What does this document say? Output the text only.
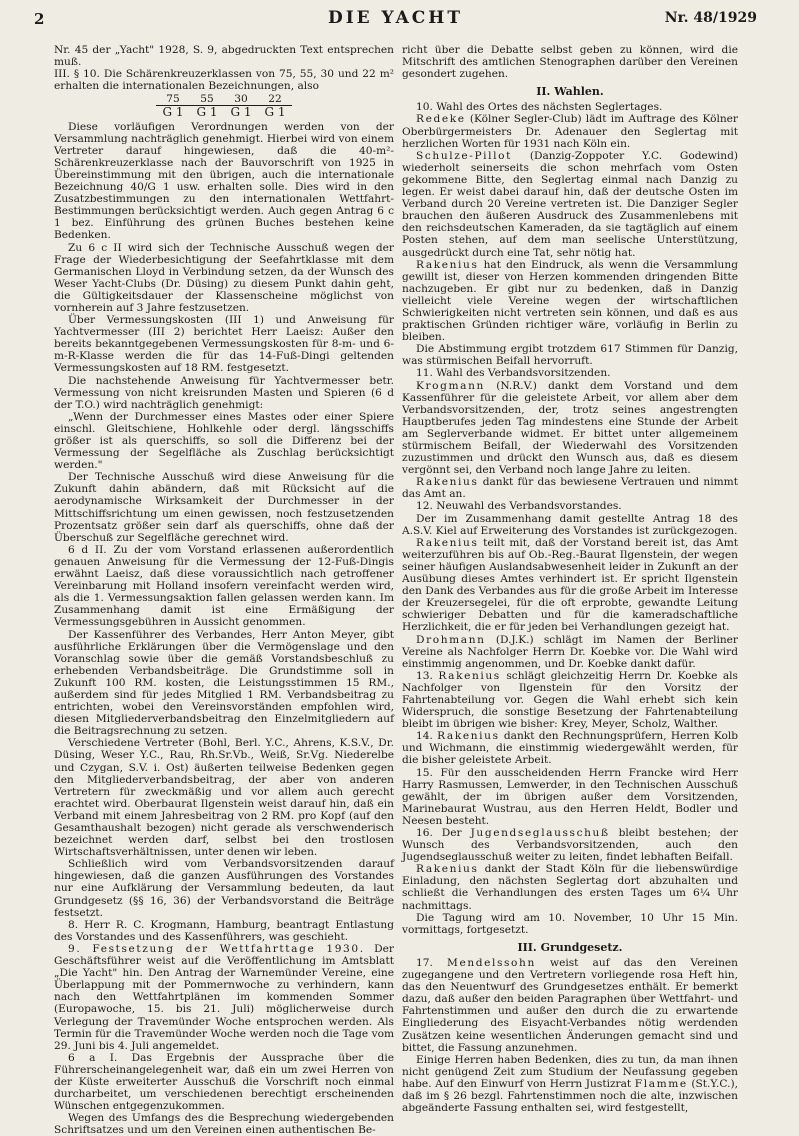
2	DIE YACHT	Nr. 48/1929

Nr. 45 der „Yacht" 1928, S. 9, abgedruckten Text entsprechen muß.

III. § 10. Die Schärenkreuzerklassen von 75, 55, 30 und 22 m² erhalten die internationalen Bezeichnungen, also

75
G 1
55
G 1
30
G 1
22
G 1

Diese vorläufigen Verordnungen werden von der Versammlung nachträglich genehmigt. Hierbei wird von einem Vertreter darauf hingewiesen, daß die 40-m²-Schärenkreuzerklasse nach der Bauvorschrift von 1925 in Übereinstimmung mit den übrigen, auch die internationale Bezeichnung 40/G 1 usw. erhalten solle. Dies wird in den Zusatzbestimmungen zu den internationalen Wettfahrt-Bestimmungen berücksichtigt werden. Auch gegen Antrag 6 c 1 bez. Einführung des grünen Buches bestehen keine Bedenken.

Zu 6 c II wird sich der Technische Ausschuß wegen der Frage der Wiederbesichtigung der Seefahrtklasse mit dem Germanischen Lloyd in Verbindung setzen, da der Wunsch des Weser Yacht-Clubs (Dr. Düsing) zu diesem Punkt dahin geht, die Gültigkeitsdauer der Klassenscheine möglichst von vornherein auf 3 Jahre festzusetzen.

Über Vermessungskosten (III 1) und Anweisung für Yachtvermesser (III 2) berichtet Herr Laeisz: Außer den bereits bekanntgegebenen Vermessungskosten für 8-m- und 6-m-R-Klasse werden die für das 14-Fuß-Dingi geltenden Vermessungskosten auf 18 RM. festgesetzt.

Die nachstehende Anweisung für Yachtvermesser betr. Vermessung von nicht kreisrunden Masten und Spieren (6 d der T.O.) wird nachträglich genehmigt:

„Wenn der Durchmesser eines Mastes oder einer Spiere einschl. Gleitschiene, Hohlkehle oder dergl. längsschiffs größer ist als querschiffs, so soll die Differenz bei der Vermessung der Segelfläche als Zuschlag berücksichtigt werden."

Der Technische Ausschuß wird diese Anweisung für die Zukunft dahin abändern, daß mit Rücksicht auf die aerodynamische Wirksamkeit der Durchmesser in der Mittschiffsrichtung um einen gewissen, noch festzusetzenden Prozentsatz größer sein darf als querschiffs, ohne daß der Überschuß zur Segelfläche gerechnet wird.

6 d II. Zu der vom Vorstand erlassenen außerordentlich genauen Anweisung für die Vermessung der 12-Fuß-Dingis erwähnt Laeisz, daß diese voraussichtlich nach getroffener Vereinbarung mit Holland insofern vereinfacht werden wird, als die 1. Vermessungsaktion fallen gelassen werden kann. Im Zusammenhang damit ist eine Ermäßigung der Vermessungsgebühren in Aussicht genommen.

Der Kassenführer des Verbandes, Herr Anton Meyer, gibt ausführliche Erklärungen über die Vermögenslage und den Voranschlag sowie über die gemäß Vorstandsbeschluß zu erhebenden Verbandsbeiträge. Die Grundstimme soll in Zukunft 100 RM. kosten, die Leistungsstimmen 15 RM., außerdem sind für jedes Mitglied 1 RM. Verbandsbeitrag zu entrichten, wobei den Vereinsvorständen empfohlen wird, diesen Mitgliederverbandsbeitrag den Einzelmitgliedern auf die Beitragsrechnung zu setzen.

Verschiedene Vertreter (Bohl, Berl. Y.C., Ahrens, K.S.V., Dr. Düsing, Weser Y.C., Rau, Rh.Sr.Vb., Weiß, Sr.Vg. Niederelbe und Czygan, S.V. i. Ost) äußerten teilweise Bedenken gegen den Mitgliederverbandsbeitrag, der aber von anderen Vertretern für zweckmäßig und vor allem auch gerecht erachtet wird. Oberbaurat Ilgenstein weist darauf hin, daß ein Verband mit einem Jahresbeitrag von 2 RM. pro Kopf (auf den Gesamthaushalt bezogen) nicht gerade als verschwenderisch bezeichnet werden darf, selbst bei den trostlosen Wirtschaftsverhältnissen, unter denen wir leben.

Schließlich wird vom Verbandsvorsitzenden darauf hingewiesen, daß die ganzen Ausführungen des Vorstandes nur eine Aufklärung der Versammlung bedeuten, da laut Grundgesetz (§§ 16, 36) der Verbandsvorstand die Beiträge festsetzt.

8. Herr R. C. Krogmann, Hamburg, beantragt Entlastung des Vorstandes und des Kassenführers, was geschieht.

9. Festsetzung der Wettfahrttage 1930. Der Geschäftsführer weist auf die Veröffentlichung im Amtsblatt „Die Yacht" hin. Den Antrag der Warnemünder Vereine, eine Überlappung mit der Pommernwoche zu verhindern, kann nach den Wettfahrtplänen im kommenden Sommer (Europawoche, 15. bis 21. Juli) möglicherweise durch Verlegung der Travemünder Woche entsprochen werden. Als Termin für die Travemünder Woche werden noch die Tage vom 29. Juni bis 4. Juli angemeldet.

6 a I. Das Ergebnis der Aussprache über die Führerscheinangelegenheit war, daß ein um zwei Herren von der Küste erweiterter Ausschuß die Vorschrift noch einmal durcharbeitet, um verschiedenen berechtigt erscheinenden Wünschen entgegenzukommen.

Wegen des Umfangs des die Besprechung wiedergebenden Schriftsatzes und um den Vereinen einen authentischen Be-

richt über die Debatte selbst geben zu können, wird die Mitschrift des amtlichen Stenographen darüber den Vereinen gesondert zugehen.

II. Wahlen.

10. Wahl des Ortes des nächsten Seglertages.

Redeke (Kölner Segler-Club) lädt im Auftrage des Kölner Oberbürgermeisters Dr. Adenauer den Seglertag mit herzlichen Worten für 1931 nach Köln ein.

Schulze-Pillot (Danzig-Zoppoter Y.C. Godewind) wiederholt seinerseits die schon mehrfach vom Osten gekommene Bitte, den Seglertag einmal nach Danzig zu legen. Er weist dabei darauf hin, daß der deutsche Osten im Verband durch 20 Vereine vertreten ist. Die Danziger Segler brauchen den äußeren Ausdruck des Zusammenlebens mit den reichsdeutschen Kameraden, da sie tagtäglich auf einem Posten stehen, auf dem man seelische Unterstützung, ausgedrückt durch eine Tat, sehr nötig hat.

Rakenius hat den Eindruck, als wenn die Versammlung gewillt ist, dieser von Herzen kommenden dringenden Bitte nachzugeben. Er gibt nur zu bedenken, daß in Danzig vielleicht viele Vereine wegen der wirtschaftlichen Schwierigkeiten nicht vertreten sein können, und daß es aus praktischen Gründen richtiger wäre, vorläufig in Berlin zu bleiben.

Die Abstimmung ergibt trotzdem 617 Stimmen für Danzig, was stürmischen Beifall hervorruft.

11. Wahl des Verbandsvorsitzenden.

Krogmann (N.R.V.) dankt dem Vorstand und dem Kassenführer für die geleistete Arbeit, vor allem aber dem Verbandsvorsitzenden, der, trotz seines angestrengten Hauptberufes jeden Tag mindestens eine Stunde der Arbeit am Seglerverbande widmet. Er bittet unter allgemeinem stürmischem Beifall, der Wiederwahl des Vorsitzenden zuzustimmen und drückt den Wunsch aus, daß es diesem vergönnt sei, den Verband noch lange Jahre zu leiten.

Rakenius dankt für das bewiesene Vertrauen und nimmt das Amt an.

12. Neuwahl des Verbandsvorstandes.

Der im Zusammenhang damit gestellte Antrag 18 des A.S.V. Kiel auf Erweiterung des Vorstandes ist zurückgezogen.

Rakenius teilt mit, daß der Vorstand bereit ist, das Amt weiterzuführen bis auf Ob.-Reg.-Baurat Ilgenstein, der wegen seiner häufigen Auslandsabwesenheit leider in Zukunft an der Ausübung dieses Amtes verhindert ist. Er spricht Ilgenstein den Dank des Verbandes aus für die große Arbeit im Interesse der Kreuzersegelei, für die oft erprobte, gewandte Leitung schwieriger Debatten und für die kameradschaftliche Herzlichkeit, die er für jeden bei Verhandlungen gezeigt hat.

Drohmann (D.J.K.) schlägt im Namen der Berliner Vereine als Nachfolger Herrn Dr. Koebke vor. Die Wahl wird einstimmig angenommen, und Dr. Koebke dankt dafür.

13. Rakenius schlägt gleichzeitig Herrn Dr. Koebke als Nachfolger von Ilgenstein für den Vorsitz der Fahrtenabteilung vor. Gegen die Wahl erhebt sich kein Widerspruch, die sonstige Besetzung der Fahrtenabteilung bleibt im übrigen wie bisher: Krey, Meyer, Scholz, Walther.

14. Rakenius dankt den Rechnungsprüfern, Herren Kolb und Wichmann, die einstimmig wiedergewählt werden, für die bisher geleistete Arbeit.

15. Für den ausscheidenden Herrn Francke wird Herr Harry Rasmussen, Lemwerder, in den Technischen Ausschuß gewählt, der im übrigen außer dem Vorsitzenden, Marinebaurat Wustrau, aus den Herren Heldt, Bodler und Neesen besteht.

16. Der Jugendseglausschuß bleibt bestehen; der Wunsch des Verbandsvorsitzenden, auch den Jugendseglausschuß weiter zu leiten, findet lebhaften Beifall.

Rakenius dankt der Stadt Köln für die liebenswürdige Einladung, den nächsten Seglertag dort abzuhalten und schließt die Verhandlungen des ersten Tages um 6¼ Uhr nachmittags.

Die Tagung wird am 10. November, 10 Uhr 15 Min. vormittags, fortgesetzt.

III. Grundgesetz.

17. Mendelssohn weist auf das den Vereinen zugegangene und den Vertretern vorliegende rosa Heft hin, das den Neuentwurf des Grundgesetzes enthält. Er bemerkt dazu, daß außer den beiden Paragraphen über Wettfahrt- und Fahrtenstimmen und außer den durch die zu erwartende Eingliederung des Eisyacht-Verbandes nötig werdenden Zusätzen keine wesentlichen Änderungen gemacht sind und bittet, die Fassung anzunehmen.

Einige Herren haben Bedenken, dies zu tun, da man ihnen nicht genügend Zeit zum Studium der Neufassung gegeben habe. Auf den Einwurf von Herrn Justizrat Flamme (St.Y.C.), daß im § 26 bezgl. Fahrtenstimmen noch die alte, inzwischen abgeänderte Fassung enthalten sei, wird festgestellt,
